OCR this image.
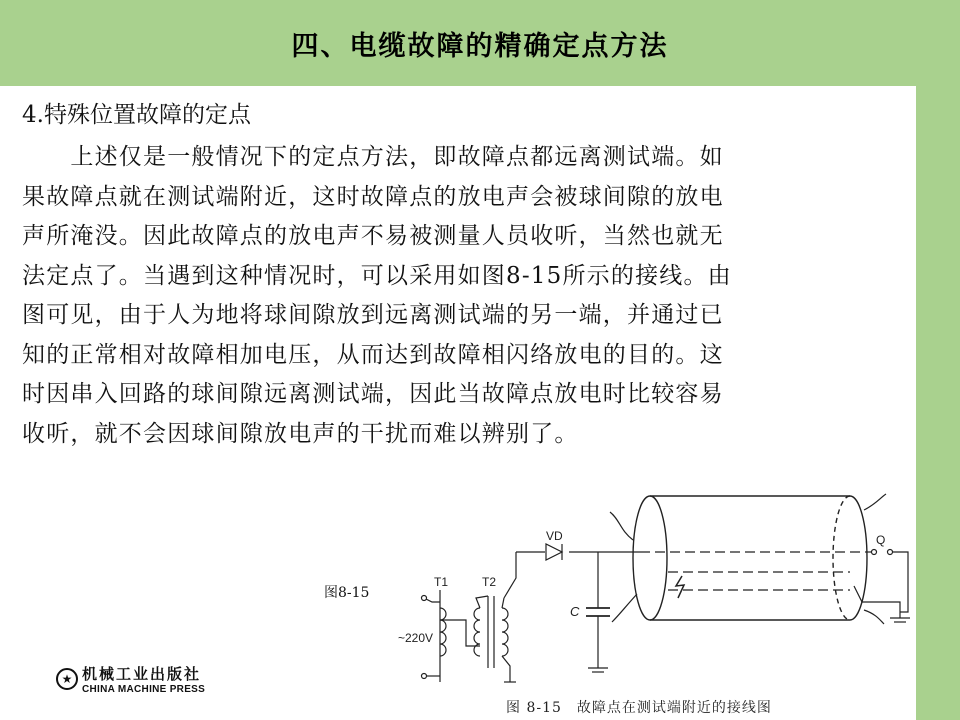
四、电缆故障的精确定点方法
4.特殊位置故障的定点
　　上述仅是一般情况下的定点方法，即故障点都远离测试端。如
果故障点就在测试端附近，这时故障点的放电声会被球间隙的放电
声所淹没。因此故障点的放电声不易被测量人员收听，当然也就无
法定点了。当遇到这种情况时，可以采用如图8-15所示的接线。由
图可见，由于人为地将球间隙放到远离测试端的另一端，并通过已
知的正常相对故障相加电压，从而达到故障相闪络放电的目的。这
时因串入回路的球间隙远离测试端，因此当故障点放电时比较容易
收听，就不会因球间隙放电声的干扰而难以辨别了。
图8-15
★ 机械工业出版社
CHINA MACHINE PRESS
VD	Q
T1	T2
~220V
C
图 8-15　故障点在测试端附近的接线图
